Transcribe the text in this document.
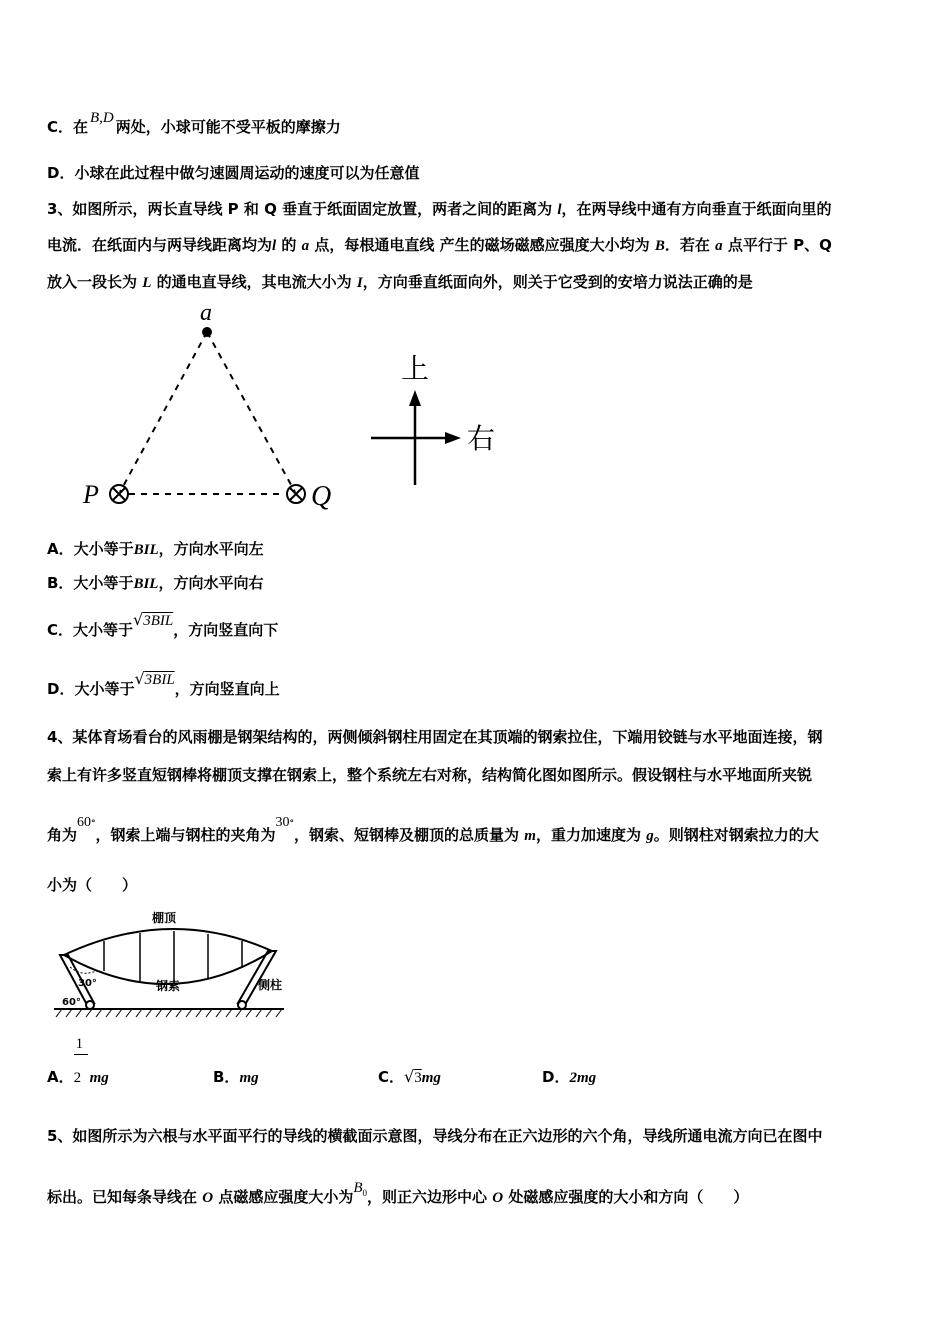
C．在 B,D 两处，小球可能不受平板的摩擦力
D．小球在此过程中做匀速圆周运动的速度可以为任意值
3、如图所示，两长直导线 P 和 Q 垂直于纸面固定放置，两者之间的距离为 l，在两导线中通有方向垂直于纸面向里的
电流．在纸面内与两导线距离均为l 的 a 点，每根通电直线 产生的磁场磁感应强度大小均为 B．若在 a 点平行于 P、Q
放入一段长为 L 的通电直导线，其电流大小为 I，方向垂直纸面向外，则关于它受到的安培力说法正确的是
a
P	Q
上
右
A．大小等于BIL，方向水平向左
B．大小等于BIL，方向水平向右
C．大小等于√3BIL，方向竖直向下
D．大小等于√3BIL，方向竖直向上
4、某体育场看台的风雨棚是钢架结构的，两侧倾斜钢柱用固定在其顶端的钢索拉住，下端用铰链与水平地面连接，钢
索上有许多竖直短钢棒将棚顶支撑在钢索上，整个系统左右对称，结构简化图如图所示。假设钢柱与水平地面所夹锐
角为60°，钢索上端与钢柱的夹角为30°，钢索、短钢棒及棚顶的总质量为 m，重力加速度为 g。则钢柱对钢索拉力的大
小为（　　）
棚顶
钢索	侧柱
30°
60°
A． $\frac{1}{2}mg$	B．mg	C．√3mg	D．2mg
5、如图所示为六根与水平面平行的导线的横截面示意图，导线分布在正六边形的六个角，导线所通电流方向已在图中
标出。已知每条导线在 O 点磁感应强度大小为$B_0$，则正六边形中心 O 处磁感应强度的大小和方向（　　）
